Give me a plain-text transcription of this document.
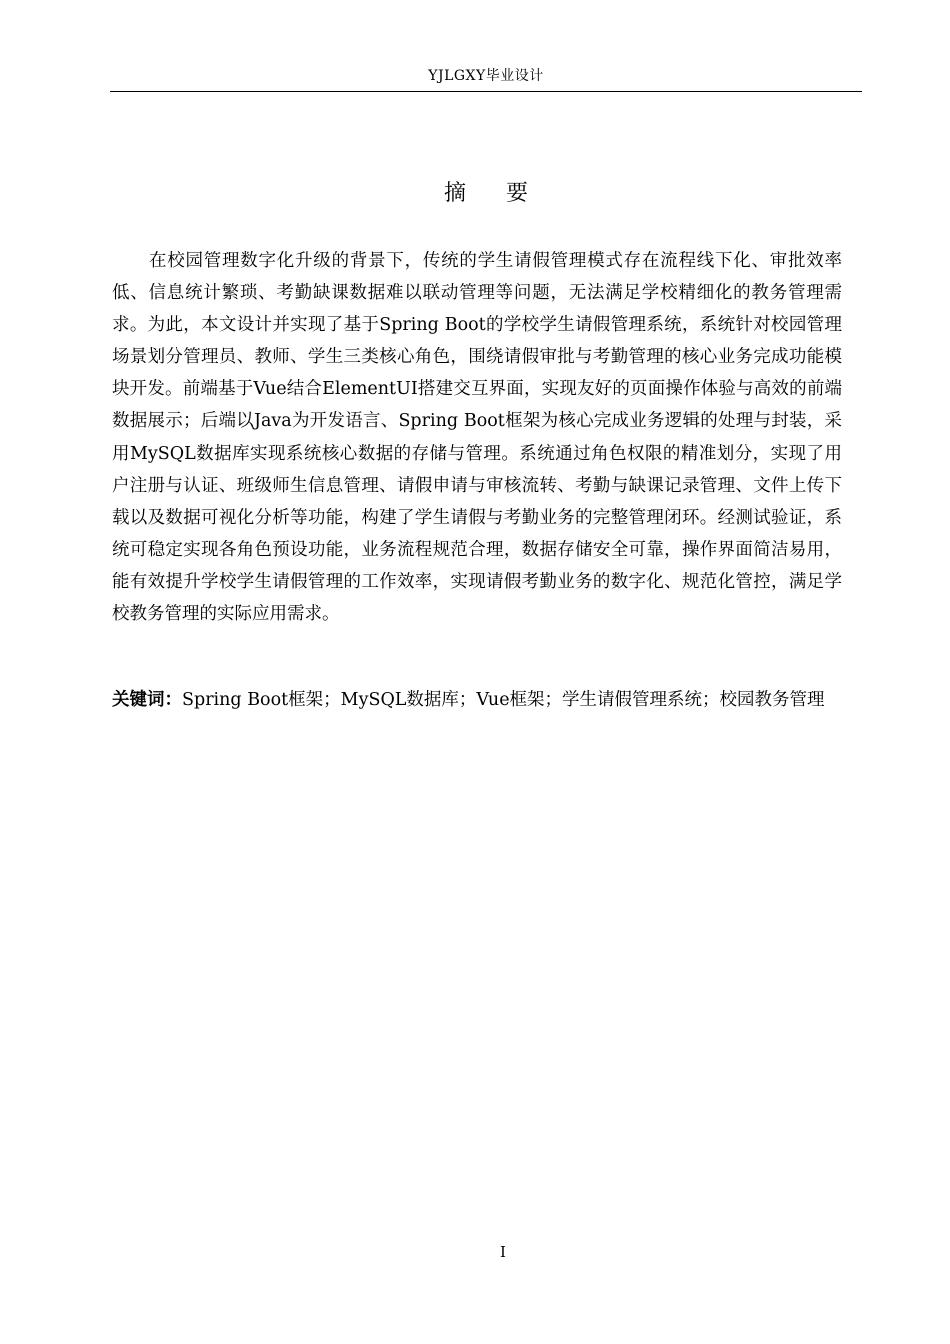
YJLGXY毕业设计
摘要

在校园管理数字化升级的背景下，传统的学生请假管理模式存在流程线下化、审批效率低、信息统计繁琐、考勤缺课数据难以联动管理等问题，无法满足学校精细化的教务管理需求。为此，本文设计并实现了基于Spring Boot的学校学生请假管理系统，系统针对校园管理场景划分管理员、教师、学生三类核心角色，围绕请假审批与考勤管理的核心业务完成功能模块开发。前端基于Vue结合ElementUI搭建交互界面，实现友好的页面操作体验与高效的前端数据展示；后端以Java为开发语言、Spring Boot框架为核心完成业务逻辑的处理与封装，采用MySQL数据库实现系统核心数据的存储与管理。系统通过角色权限的精准划分，实现了用户注册与认证、班级师生信息管理、请假申请与审核流转、考勤与缺课记录管理、文件上传下载以及数据可视化分析等功能，构建了学生请假与考勤业务的完整管理闭环。经测试验证，系统可稳定实现各角色预设功能，业务流程规范合理，数据存储安全可靠，操作界面简洁易用，能有效提升学校学生请假管理的工作效率，实现请假考勤业务的数字化、规范化管控，满足学校教务管理的实际应用需求。

关键词：Spring Boot框架；MySQL数据库；Vue框架；学生请假管理系统；校园教务管理

I
